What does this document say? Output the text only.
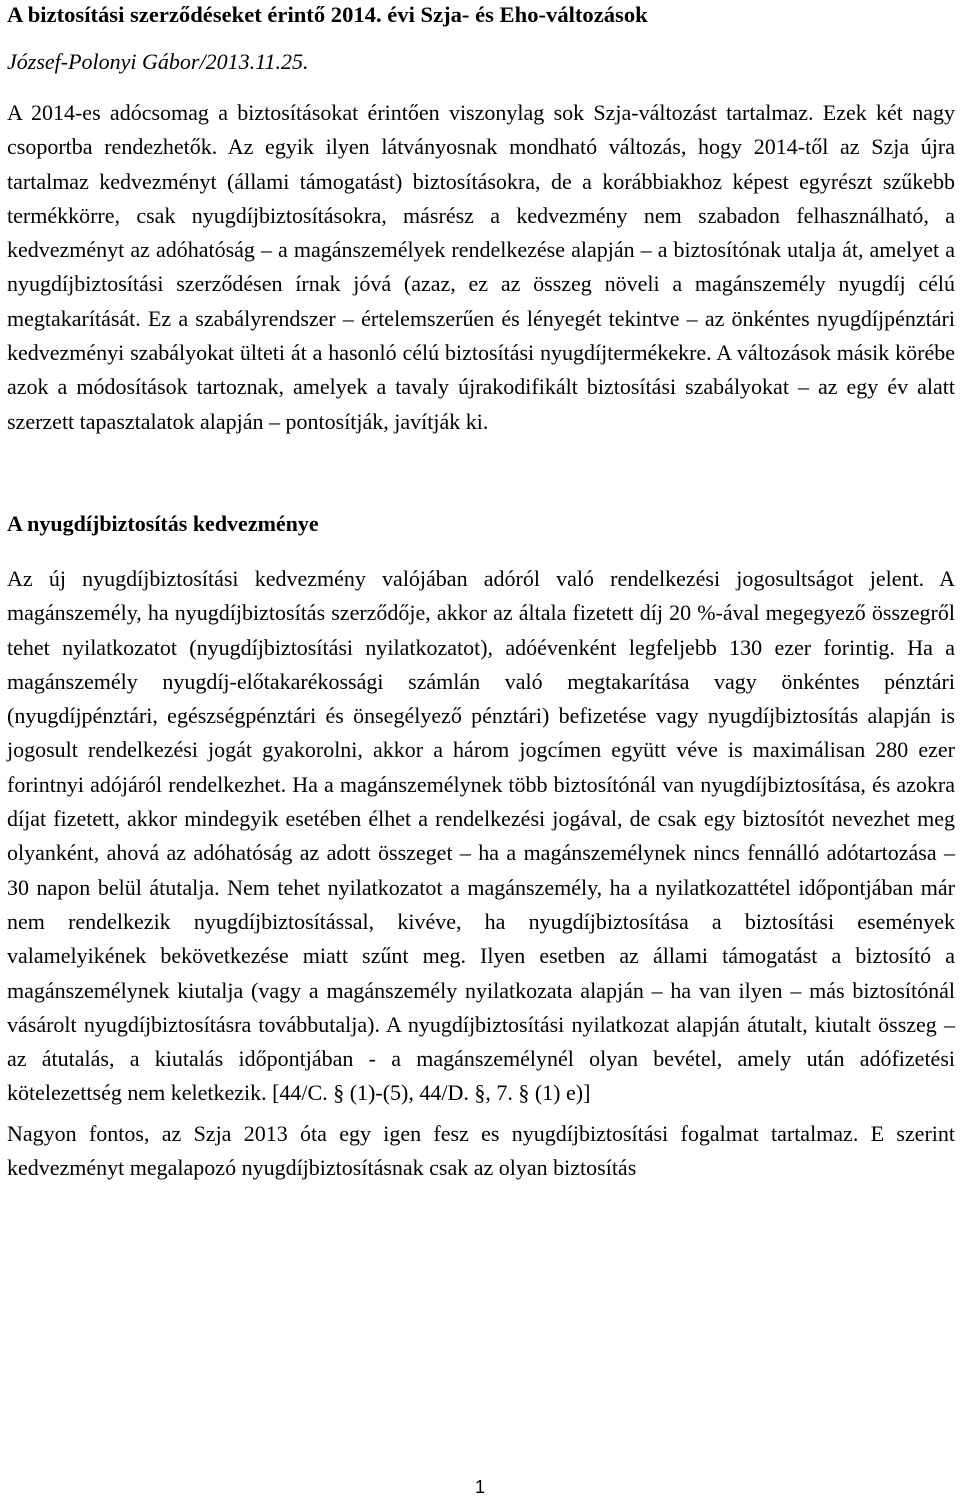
A biztosítási szerződéseket érintő 2014. évi Szja- és Eho-változások

József-Polonyi Gábor/2013.11.25.

A 2014-es adócsomag a biztosításokat érintően viszonylag sok Szja-változást tartalmaz. Ezek két nagy csoportba rendezhetők. Az egyik ilyen látványosnak mondható változás, hogy 2014-től az Szja újra tartalmaz kedvezményt (állami támogatást) biztosításokra, de a korábbiakhoz képest egyrészt szűkebb termékkörre, csak nyugdíjbiztosításokra, másrész a kedvezmény nem szabadon felhasználható, a kedvezményt az adóhatóság – a magánszemélyek rendelkezése alapján – a biztosítónak utalja át, amelyet a nyugdíjbiztosítási szerződésen írnak jóvá (azaz, ez az összeg növeli a magánszemély nyugdíj célú megtakarítását. Ez a szabályrendszer – értelemszerűen és lényegét tekintve – az önkéntes nyugdíjpénztári kedvezményi szabályokat ülteti át a hasonló célú biztosítási nyugdíjtermékekre. A változások másik körébe azok a módosítások tartoznak, amelyek a tavaly újrakodifikált biztosítási szabályokat – az egy év alatt szerzett tapasztalatok alapján – pontosítják, javítják ki.

A nyugdíjbiztosítás kedvezménye

Az új nyugdíjbiztosítási kedvezmény valójában adóról való rendelkezési jogosultságot jelent. A magánszemély, ha nyugdíjbiztosítás szerződője, akkor az általa fizetett díj 20 %-ával megegyező összegről tehet nyilatkozatot (nyugdíjbiztosítási nyilatkozatot), adóévenként legfeljebb 130 ezer forintig. Ha a magánszemély nyugdíj-előtakarékossági számlán való megtakarítása vagy önkéntes pénztári (nyugdíjpénztári, egészségpénztári és önsegélyező pénztári) befizetése vagy nyugdíjbiztosítás alapján is jogosult rendelkezési jogát gyakorolni, akkor a három jogcímen együtt véve is maximálisan 280 ezer forintnyi adójáról rendelkezhet. Ha a magánszemélynek több biztosítónál van nyugdíjbiztosítása, és azokra díjat fizetett, akkor mindegyik esetében élhet a rendelkezési jogával, de csak egy biztosítót nevezhet meg olyanként, ahová az adóhatóság az adott összeget – ha a magánszemélynek nincs fennálló adótartozása – 30 napon belül átutalja. Nem tehet nyilatkozatot a magánszemély, ha a nyilatkozattétel időpontjában már nem rendelkezik nyugdíjbiztosítással, kivéve, ha nyugdíjbiztosítása a biztosítási események valamelyikének bekövetkezése miatt szűnt meg. Ilyen esetben az állami támogatást a biztosító a magánszemélynek kiutalja (vagy a magánszemély nyilatkozata alapján – ha van ilyen – más biztosítónál vásárolt nyugdíjbiztosításra továbbutalja). A nyugdíjbiztosítási nyilatkozat alapján átutalt, kiutalt összeg – az átutalás, a kiutalás időpontjában - a magánszemélynél olyan bevétel, amely után adófizetési kötelezettség nem keletkezik. [44/C. § (1)-(5), 44/D. §, 7. § (1) e)]

Nagyon fontos, az Szja 2013 óta egy igen fesz es nyugdíjbiztosítási fogalmat tartalmaz. E szerint kedvezményt megalapozó nyugdíjbiztosításnak csak az olyan biztosítás

1
